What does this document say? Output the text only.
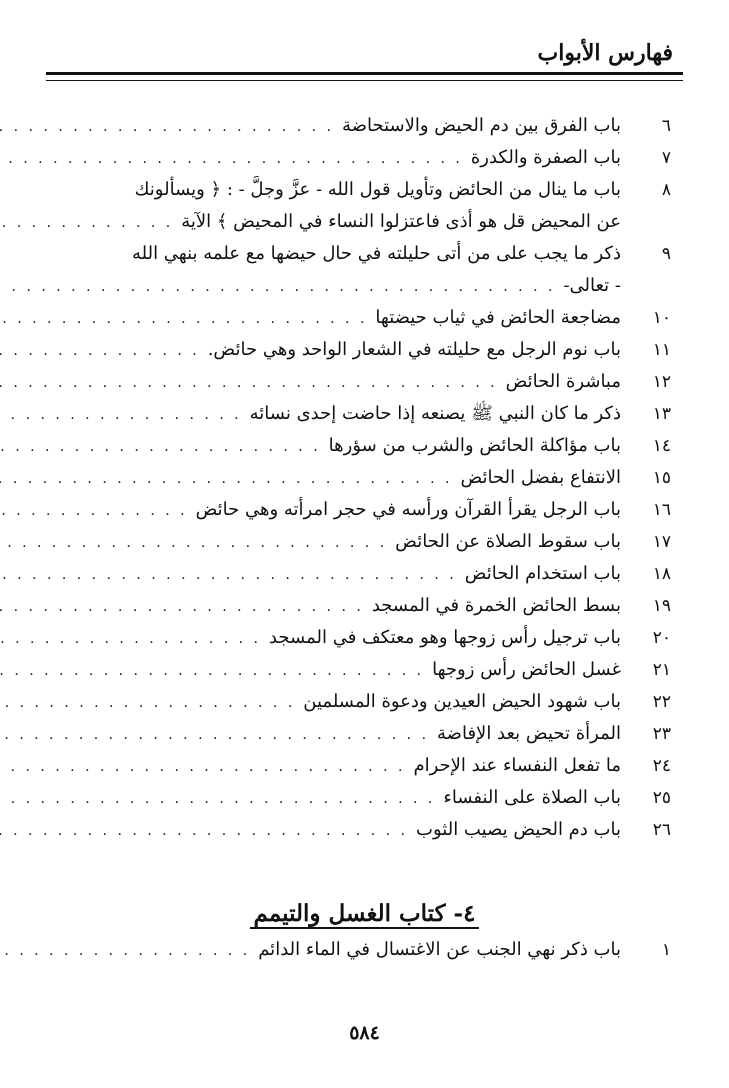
فهارس الأبواب
٦
باب الفرق بين دم الحيض والاستحاضة
. . .
٧
باب الصفرة والكدرة
. . .
٨
باب ما ينال من الحائض وتأويل قول الله - عزَّ وجلَّ - : ﴿ ويسألونك
عن المحيض قل هو أذى فاعتزلوا النساء في المحيض ﴾ الآية
. . .
٩
ذكر ما يجب على من أتى حليلته في حال حيضها مع علمه بنهي الله
- تعالى-
. . .
١٠
مضاجعة الحائض في ثياب حيضتها
. . .
١١
باب نوم الرجل مع حليلته في الشعار الواحد وهي حائض.
. . .
١٢
مباشرة الحائض
. . .
١٣
ذكر ما كان النبي ﷺ يصنعه إذا حاضت إحدى نسائه
. . .
١٤
باب مؤاكلة الحائض والشرب من سؤرها
. . .
١٥
الانتفاع بفضل الحائض
. . .
١٦
باب الرجل يقرأ القرآن ورأسه في حجر امرأته وهي حائض
. . .
١٧
باب سقوط الصلاة عن الحائض
. . .
١٨
باب استخدام الحائض
. . .
١٩
بسط الحائض الخمرة في المسجد
. . .
٢٠
باب ترجيل رأس زوجها وهو معتكف في المسجد
. . .
٢١
غسل الحائض رأس زوجها
. . .
٢٢
باب شهود الحيض العيدين ودعوة المسلمين
. . .
٢٣
المرأة تحيض بعد الإفاضة
. . .
٢٤
ما تفعل النفساء عند الإحرام
. . .
٢٥
باب الصلاة على النفساء
. . .
٢٦
باب دم الحيض يصيب الثوب
. . .
٤- كتاب الغسل والتيمم
١
باب ذكر نهي الجنب عن الاغتسال في الماء الدائم
. . .
٥٨٤
